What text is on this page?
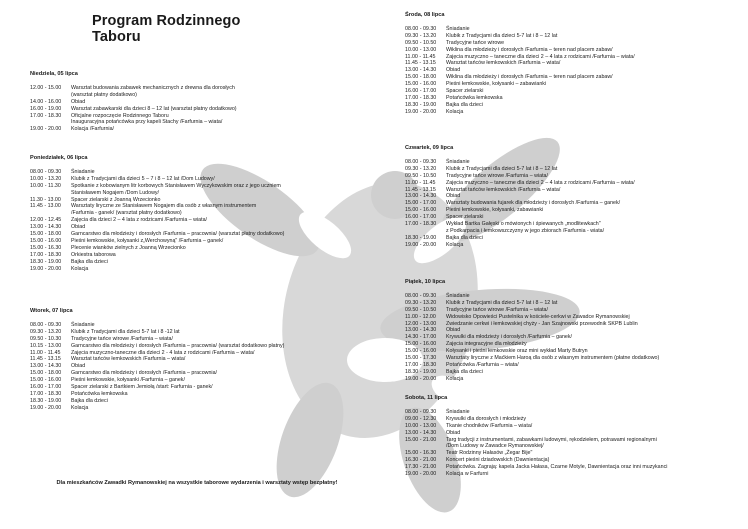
Program Rodzinnego Taboru
Niedziela, 05 lipca
12.00 - 15.00	Warsztat budowania zabawek mechanicznych z drewna dla dorosłych
(warsztat płatny dodatkowo)
14.00 - 16.00	Obiad
16.00 - 19.00	Warsztat zabawkarski dla dzieci 8 – 12 lat (warsztat płatny dodatkowo)
17.00 - 18.30	Oficjalne rozpoczęcie Rodzinnego Taboru
Inauguracyjna potańcówka przy kapeli Stachy /Farfurnia – wiata/
19.00 - 20.00	Kolacja /Farfurnia/
Poniedziałek, 06 lipca
08.00 - 09.30	Śniadanie
10.00 - 13.20	Klubik z Tradycjami dla dzieci 5 – 7 i 8 – 12 lat /Dom Ludowy/
10.00 - 11.30	Spotkanie z kobowianym litr korbowych Stanisławem Wyczykowskim oraz z jego uczniem
Stanisławem Nogajem /Dom Ludowy/
11.30 - 13.00	Spacer zielarski z Joanną Wrzecionko
11.45 - 13.00	Warsztaty liryczne ze Stanisławem Nogajem dla osób z własnym instrumentem
/Farfurnia - ganek/ (warsztat płatny dodatkowo)
12.00 - 12.45	Zajęcia dla dzieci 2 – 4 lata z rodzicami /Farfurnia – wiata/
13.00 - 14.30	Obiad
15.00 - 18.00	Garncarstwo dla młodzieży i dorosłych /Farfurnia – pracownia/ (warsztat płatny dodatkowo)
15.00 - 16.00	Pieśni łemkowskie, kołysanki z„Werchowyną" /Farfurnia – ganek/
15.00 - 16.30	Plecenie wianków zielnych z Joanną Wrzecionko
17.00 - 18.30	Orkiestra taborowa
18.30 - 19.00	Bajka dla dzieci
19.00 - 20.00	Kolacja
Wtorek, 07 lipca
08.00 - 09.30	Śniadanie
09.30 - 13.20	Klubik z Tradycjami dla dzieci 5-7 lat i 8 -12 lat
09.50 - 10.30	Tradycyjne tańce wirowe /Farfurnia – wiata/
10.15 - 13.00	Garncarstwo dla młodzieży i dorosłych /Farfurnia – pracownia/ (warsztat dodatkowo płatny)
11.00 - 11.45	Zajęcia muzyczno-taneczne dla dzieci 2 - 4 lata z rodzicami /Farfurnia – wiata/
11.45 - 13.15	Warsztat tańców łemkowskich /Farfurnia – wiata/
13.00 - 14.30	Obiad
15.00 - 18.00	Garncarstwo dla młodzieży i dorosłych /Farfurnia – pracownia/
15.00 - 16.00	Pieśni łemkowskie, kołysanki /Farfurnia – ganek/
16.00 - 17.00	Spacer zielarski z Bartkiem Jemiołą /start: Farfurnia - ganek/
17.00 - 18.30	Potańcówka łemkowska
18.30 - 19.00	Bajka dla dzieci
19.00 - 20.00	Kolacja
Środa, 08 lipca
08.00 - 09.30	Śniadanie
09.30 - 13.20	Klubik z Tradycjami dla dzieci 5-7 lat i 8 – 12 lat
09.50 - 10.50	Tradycyjne tańce wirowe
10.00 - 13.00	Wiklina dla młodzieży i dorosłych /Farfurnia – teren nad placem zabaw/
11.00 - 11.45	Zajęcia muzyczno – taneczne dla dzieci 2 – 4 lata z rodzicami /Farfurnia – wiata/
11.45 - 13.15	Warsztat tańców łemkowskich /Farfurnia – wiata/
13.00 - 14.30	Obiad
15.00 - 18.00	Wiklina dla młodzieży i dorosłych /Farfurnia – teren nad placem zabaw/
15.00 - 16.00	Pieśni łemkowskie, kołysanki – zabawianki
16.00 - 17.00	Spacer zielarski
17.00 - 18.30	Potańcówka łemkowska
18.30 - 19.00	Bajka dla dzieci
19.00 - 20.00	Kolacja
Czwartek, 09 lipca
08.00 - 09.30	Śniadanie
09.30 - 13.20	Klubik z Tradycjami dla dzieci 5-7 lat i 8 – 12 lat
09.50 - 10.50	Tradycyjne tańce wirowe /Farfurnia – wiata/
11.00 - 11.45	Zajęcia muzyczno – taneczne dla dzieci 2 – 4 lata z rodzicami /Farfurnia – wiata/
11.45 - 13.15	Warsztat tańców łemkowskich /Farfurnia – wiata/
13.00 - 14.30	Obiad
15.00 - 17.00	Warsztaty budowania fujarek dla młodzieży i dorosłych /Farfurnia – ganek/
15.00 - 16.00	Pieśni łemkowskie, kołysanki, zabawianki
16.00 - 17.00	Spacer zielarski
17.00 - 18.30	Wykład Bartka Gałęski o mówionych i śpiewanych „modlitewkach"
z Podkarpacia i łemkowszczyzny w jego zbiorach /Farfurnia - wiata/
18.30 - 19.00	Bajka dla dzieci
19.00 - 20.00	Kolacja
Piątek, 10 lipca
08.00 - 09.30	Śniadanie
09.30 - 13.20	Klubik z Tradycjami dla dzieci 5-7 lat i 8 – 12 lat
09.50 - 10.50	Tradycyjne tańce wirowe /Farfurnia – wiata/
11.00 - 12.00	Widowisko Opowieści Pustelnika w kościele-cerkwi w Zawadce Rymanowskiej
12.00 - 13.00	Zwiedzanie cerkwi i łemkowskiej chyży - Jan Szajnowski przewodnik SKPB Lublin
13.00 - 14.30	Obiad
14.30 - 17.00	Krywulki dla młodzieży i dorosłych /Farfurnia – ganek/
15.00 - 16.00	Zajęcia integracyjne dla młodzieży
15.00 - 16.00	Kołysanki i pieśni łemkowskie oraz mini wykład Marty Butryn
15.00 - 17.30	Warsztaty liryczne z Maćkiem Haroą dla osób z własnym instrumentem (płatne dodatkowo)
17.00 - 18.30	Potańcówka /Farfurnia – wiata/
18.30 - 19.00	Bajka dla dzieci
19.00 - 20.00	Kolacja
Sobota, 11 lipca
08.00 - 09.30	Śniadanie
09.00 - 12.30	Krywulki dla dorosłych i młodzieży
10.00 - 13.00	Tkanie chodników /Farfurnia – wiata/
13.00 - 14.30	Obiad
15.00 - 21.00	Targ tradycji z instrumentami, zabawkami ludowymi, rękodziełem, potrawami regionalnymi
/Dom Ludowy w Zawadce Rymanowskiej/
15.00 - 16.30	Teatr Rodzinny Hałasów „Żegar Bije"
16.30 - 21.00	Koncert pieśni dziadowskich (Dawnientacja)
17.30 - 21.00	Potańcówka. Zagrają: kapela Jacka Hałasa, Czarne Motyle, Dawnientacja oraz inni muzykanci
19.00 - 20.00	Kolacja w Farfurni
Dla mieszkańców Zawadki Rymanowskiej na wszystkie taborowe wydarzenia i warsztaty wstęp bezpłatny!
